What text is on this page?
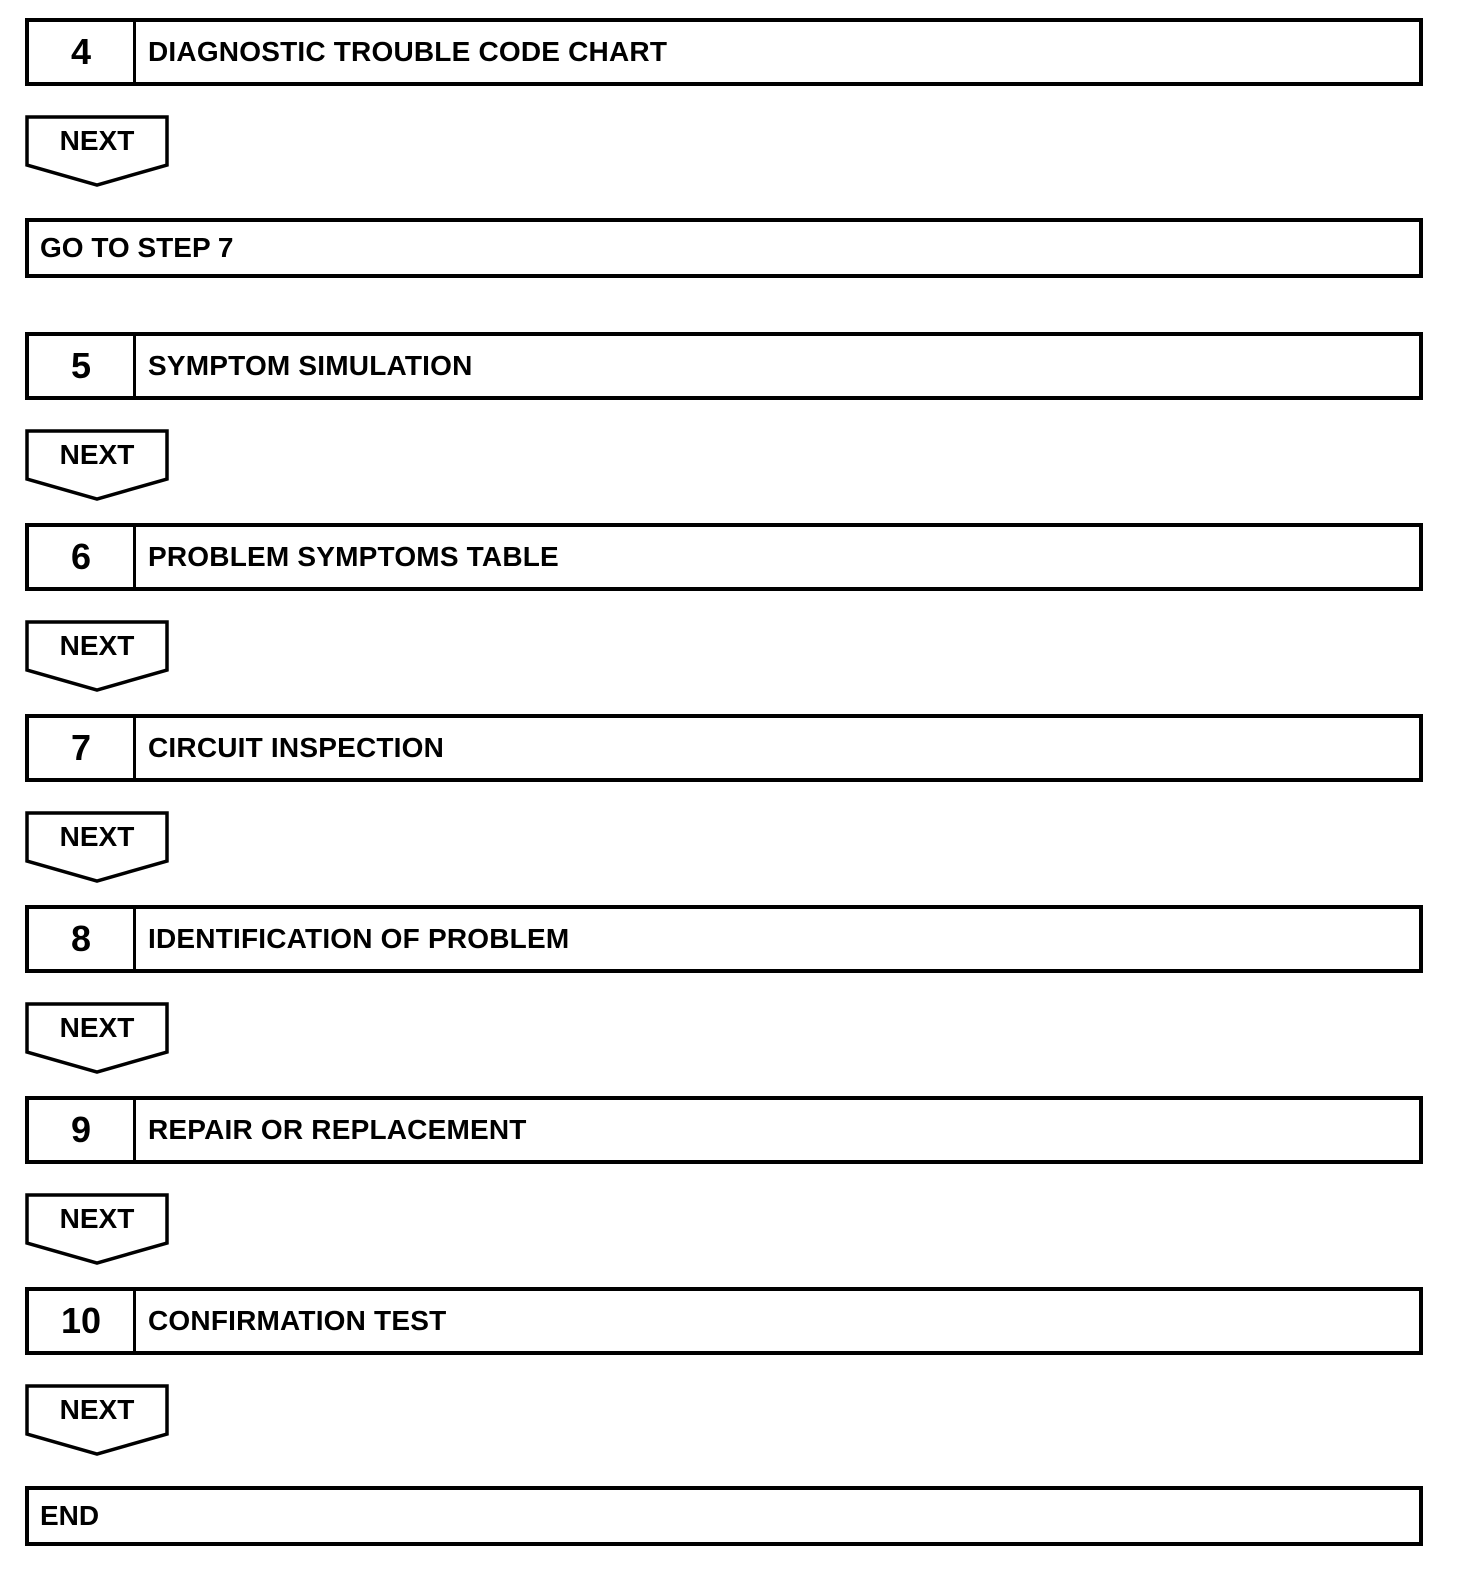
4	DIAGNOSTIC TROUBLE CODE CHART
NEXT
GO TO STEP 7
5	SYMPTOM SIMULATION
NEXT
6	PROBLEM SYMPTOMS TABLE
NEXT
7	CIRCUIT INSPECTION
NEXT
8	IDENTIFICATION OF PROBLEM
NEXT
9	REPAIR OR REPLACEMENT
NEXT
10	CONFIRMATION TEST
NEXT
END
